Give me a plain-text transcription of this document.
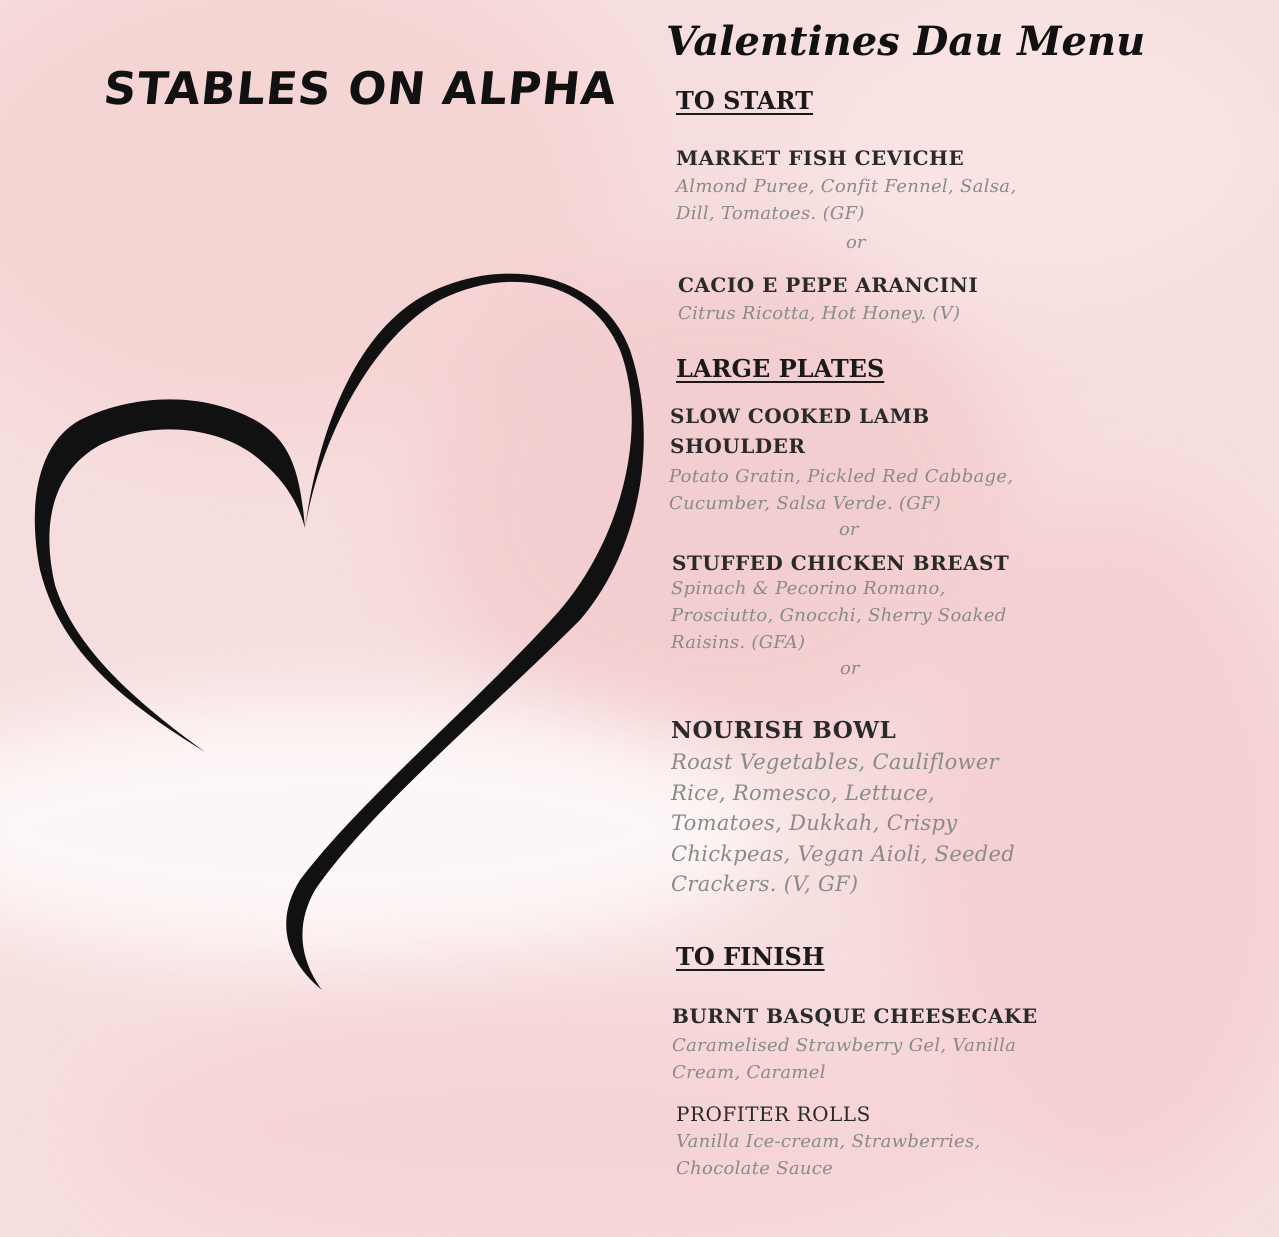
STABLES ON ALPHA
Valentines Dau Menu
TO START
MARKET FISH CEVICHE
Almond Puree, Confit Fennel, Salsa,
Dill, Tomatoes. (GF)
or
CACIO E PEPE ARANCINI
Citrus Ricotta, Hot Honey. (V)
LARGE PLATES
SLOW COOKED LAMB
SHOULDER
Potato Gratin, Pickled Red Cabbage,
Cucumber, Salsa Verde. (GF)
or
STUFFED CHICKEN BREAST
Spinach & Pecorino Romano,
Prosciutto, Gnocchi, Sherry Soaked
Raisins. (GFA)
or
NOURISH BOWL
Roast Vegetables, Cauliflower
Rice, Romesco, Lettuce,
Tomatoes, Dukkah, Crispy
Chickpeas, Vegan Aioli, Seeded
Crackers. (V, GF)
TO FINISH
BURNT BASQUE CHEESECAKE
Caramelised Strawberry Gel, Vanilla
Cream, Caramel
PROFITER ROLLS
Vanilla Ice-cream, Strawberries,
Chocolate Sauce
